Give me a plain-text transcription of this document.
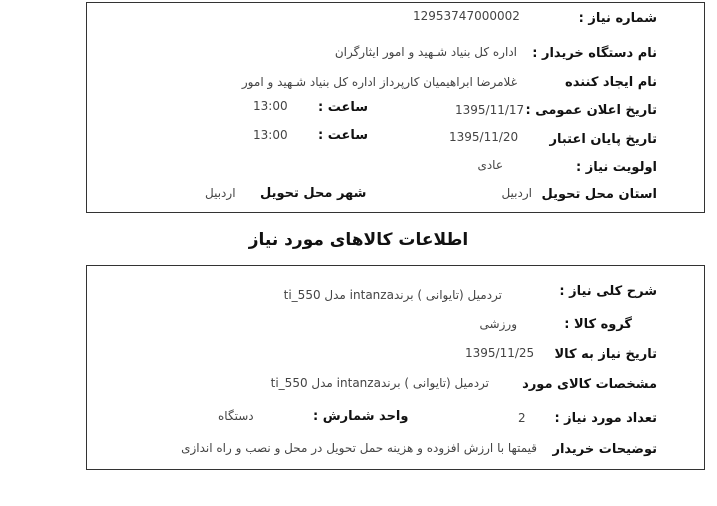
شماره نیاز :
12953747000002
نام دستگاه خریدار :
اداره کل بنیاد شـهید و امور ایثارگران
نام ایجاد کننده
غلامرضا ابراهیمیان کارپرداز اداره کل بنیاد شـهید و امور
تاریخ اعلان عمومی :
1395/11/17
ساعت :
13:00
تاریخ پایان اعتبار
1395/11/20
ساعت :
13:00
اولویت نیاز :
عادی
استان محل تحویل
اردبیل
شهر محل تحویل
اردبیل
اطلاعات کالاهای مورد نیاز
شرح کلی نیاز :
تردمیل (تایوانی ) برندintanza مدل ti_550
گروه کالا :
ورزشی
تاریخ نیاز به کالا
1395/11/25
مشخصات کالای مورد
تردمیل (تایوانی ) برندintanza مدل ti_550
تعداد مورد نیاز :
2
واحد شمارش :
دستگاه
توضیحات خریدار
قیمتها با ارزش افزوده و هزینه حمل تحویل در محل و نصب و راه اندازی
